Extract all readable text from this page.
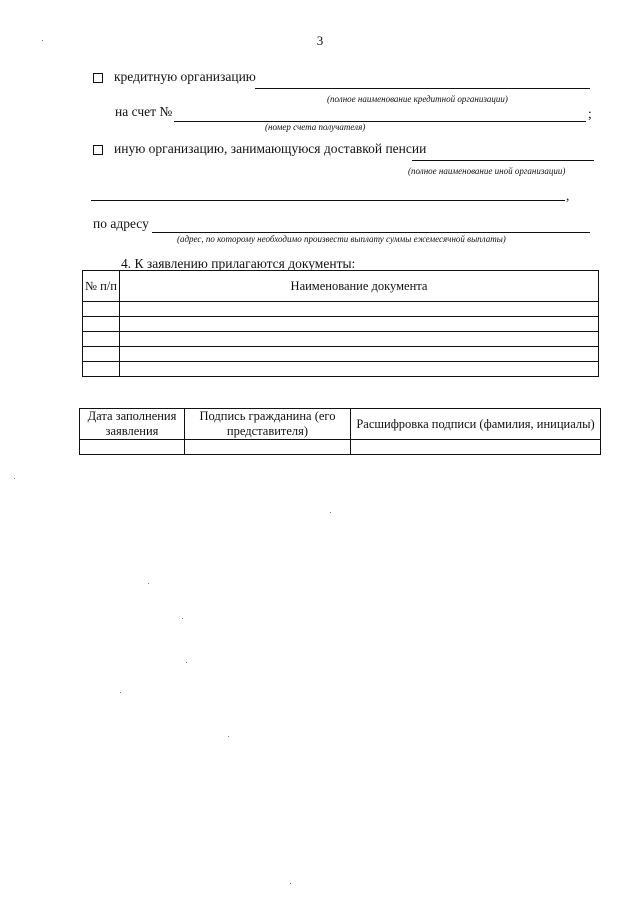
3
кредитную организацию
(полное наименование кредитной организации)
на счет №	;
(номер счета получателя)
иную организацию, занимающуюся доставкой пенсии
(полное наименование иной организации)
,
по адресу
(адрес, по которому необходимо произвести выплату суммы ежемесячной выплаты)
4. К заявлению прилагаются документы:
№ п/п	Наименование документа

Дата заполнения заявления	Подпись гражданина (его представителя)	Расшифровка подписи (фамилия, инициалы)
